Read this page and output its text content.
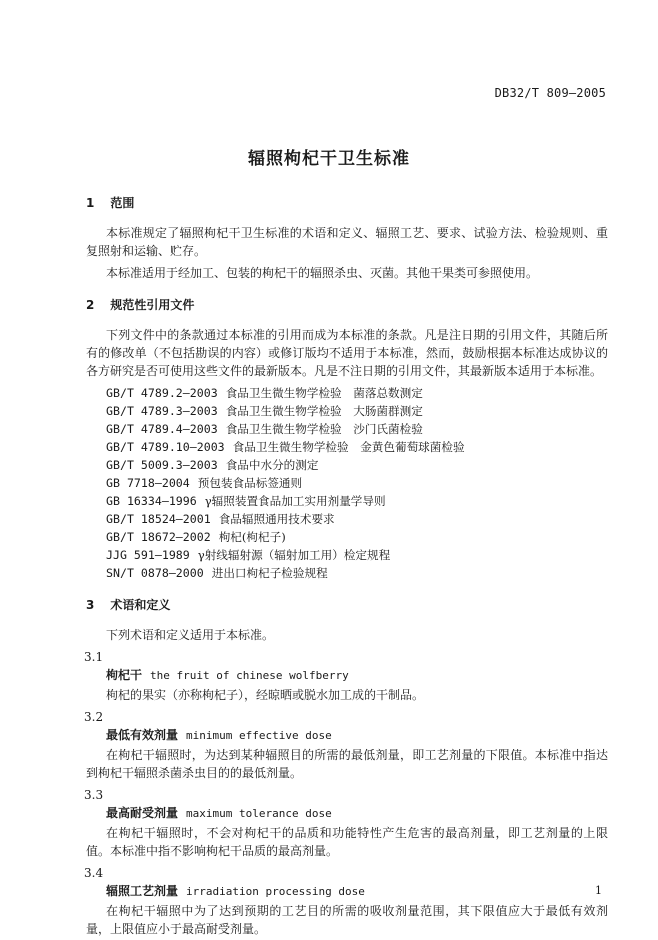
DB32/T 809—2005
辐照枸杞干卫生标准
1 范围

本标准规定了辐照枸杞干卫生标准的术语和定义、辐照工艺、要求、试验方法、检验规则、重复照射和运输、贮存。

本标准适用于经加工、包装的枸杞干的辐照杀虫、灭菌。其他干果类可参照使用。

2 规范性引用文件

下列文件中的条款通过本标准的引用而成为本标准的条款。凡是注日期的引用文件，其随后所有的修改单（不包括勘误的内容）或修订版均不适用于本标准，然而，鼓励根据本标准达成协议的各方研究是否可使用这些文件的最新版本。凡是不注日期的引用文件，其最新版本适用于本标准。

GB/T 4789.2—2003 食品卫生微生物学检验　菌落总数测定
GB/T 4789.3—2003 食品卫生微生物学检验　大肠菌群测定
GB/T 4789.4—2003 食品卫生微生物学检验　沙门氏菌检验
GB/T 4789.10—2003 食品卫生微生物学检验　金黄色葡萄球菌检验
GB/T 5009.3—2003 食品中水分的测定
GB 7718—2004 预包装食品标签通则
GB 16334—1996 γ辐照装置食品加工实用剂量学导则
GB/T 18524—2001 食品辐照通用技术要求
GB/T 18672—2002 枸杞(枸杞子)
JJG 591—1989 γ射线辐射源（辐射加工用）检定规程
SN/T 0878—2000 进出口枸杞子检验规程
3 术语和定义

下列术语和定义适用于本标准。

3.1
枸杞干 the fruit of chinese wolfberry

枸杞的果实（亦称枸杞子），经晾晒或脱水加工成的干制品。

3.2
最低有效剂量 minimum effective dose

在枸杞干辐照时，为达到某种辐照目的所需的最低剂量，即工艺剂量的下限值。本标准中指达到枸杞干辐照杀菌杀虫目的的最低剂量。

3.3
最高耐受剂量 maximum tolerance dose

在枸杞干辐照时，不会对枸杞干的品质和功能特性产生危害的最高剂量，即工艺剂量的上限值。本标准中指不影响枸杞干品质的最高剂量。

3.4
辐照工艺剂量 irradiation processing dose

在枸杞干辐照中为了达到预期的工艺目的所需的吸收剂量范围，其下限值应大于最低有效剂量，上限值应小于最高耐受剂量。

1
